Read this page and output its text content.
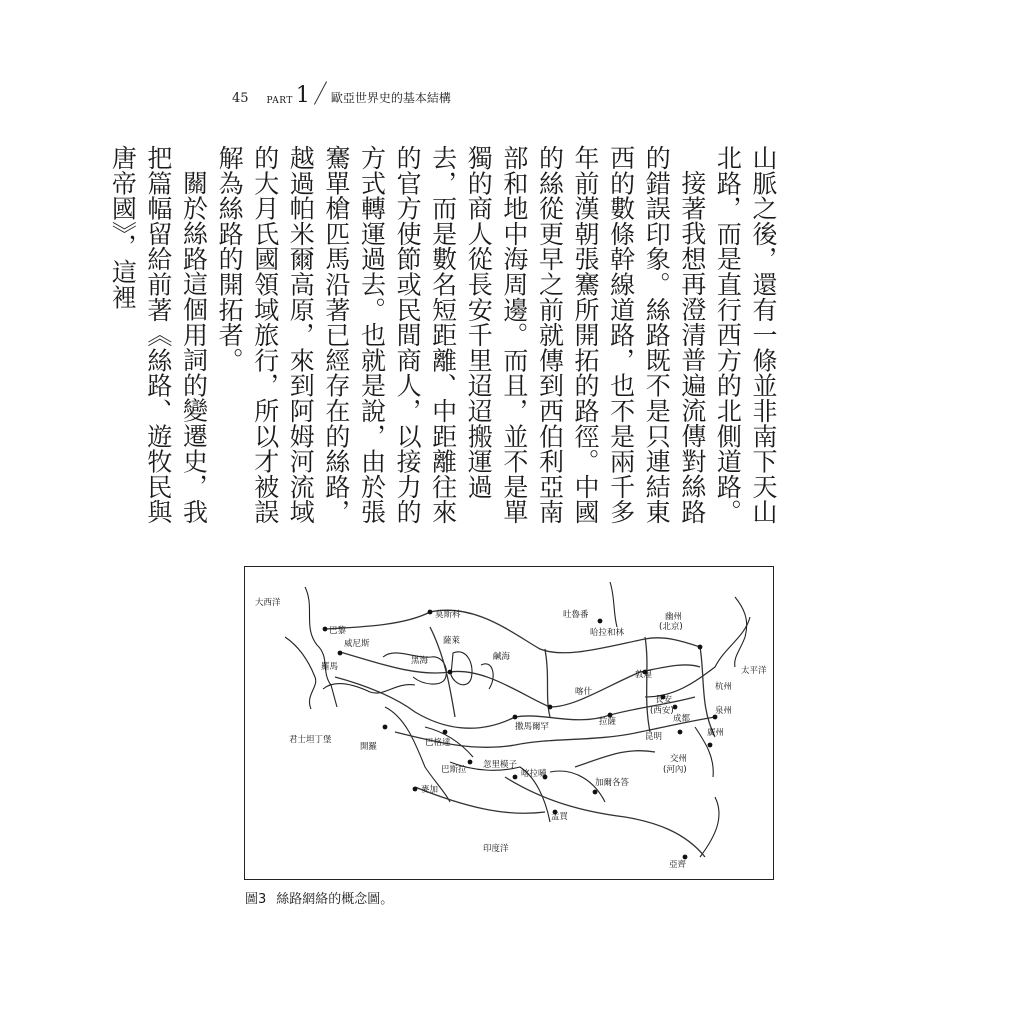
45 PART 1 歐亞世界史的基本結構

山脈之後，還有一條並非南下天山北路，而是直行西方的北側道路。

接著我想再澄清普遍流傳對絲路的錯誤印象。絲路既不是只連結東西的數條幹線道路，也不是兩千多年前漢朝張騫所開拓的路徑。中國的絲從更早之前就傳到西伯利亞南部和地中海周邊。而且，並不是單獨的商人從長安千里迢迢搬運過去，而是數名短距離、中距離往來的官方使節或民間商人，以接力的方式轉運過去。也就是說，由於張騫單槍匹馬沿著已經存在的絲路，越過帕米爾高原，來到阿姆河流域的大月氏國領域旅行，所以才被誤解為絲路的開拓者。

關於絲路這個用詞的變遷史，我把篇幅留給前著《絲路、遊牧民與唐帝國》，這裡

大西洋
巴黎
威尼斯
莫斯科
薩萊
鹹海
吐魯番
哈拉和林
幽州
(北京)
太平洋
敦煌
長安
(西安)
杭州
泉州
喀什
成都
廣州
撒馬爾罕	拉薩
昆明
君士坦丁堡
開羅	巴格達
巴斯拉 忽里模子
交州
(河內)
喀拉嗹
加爾各答
麥加
孟買
印度洋
亞齊
黑海
羅馬
圖3 絲路網絡的概念圖。
